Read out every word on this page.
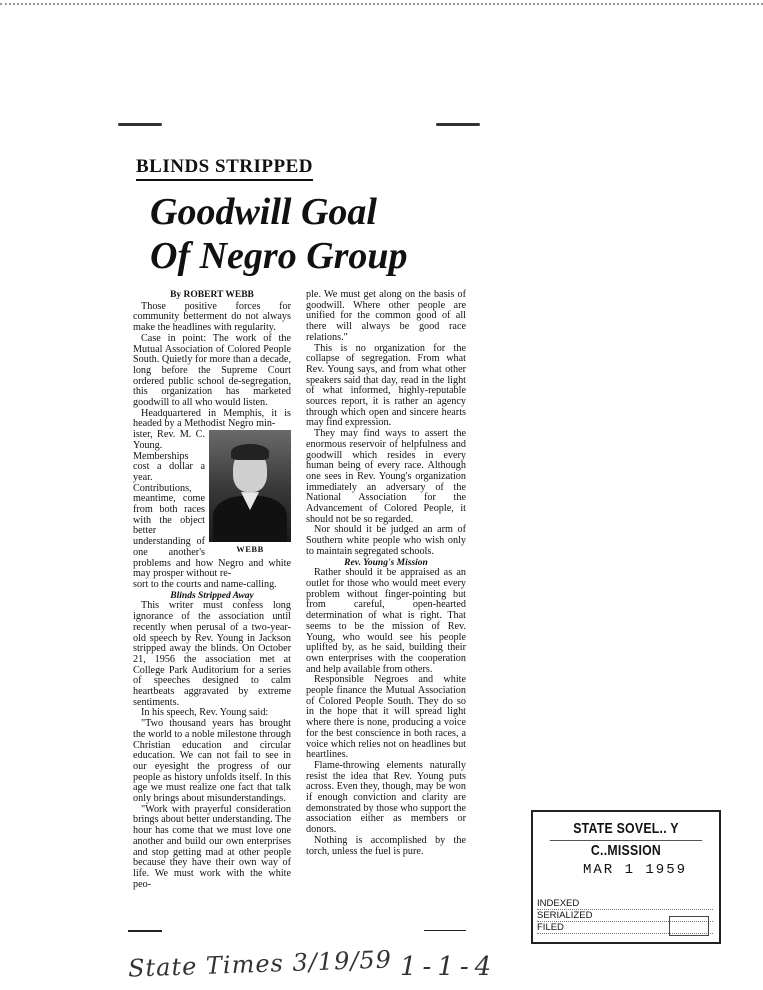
BLINDS STRIPPED
Goodwill Goal
Of Negro Group

By ROBERT WEBB

Those positive forces for community betterment do not always make the headlines with regularity.

Case in point: The work of the Mutual Association of Colored People South. Quietly for more than a decade, long before the Supreme Court ordered public school de-segregation, this organization has marketed goodwill to all who would listen.

Headquartered in Memphis, it is headed by a Methodist Negro min-

WEBB

ister, Rev. M. C. Young. Memberships cost a dollar a year. Contributions, meantime, come from both races with the object better understanding of one another's problems and how Negro and white may prosper without re-

sort to the courts and name-calling.

Blinds Stripped Away

This writer must confess long ignorance of the association until recently when perusal of a two-year-old speech by Rev. Young in Jackson stripped away the blinds. On October 21, 1956 the association met at College Park Auditorium for a series of speeches designed to calm heartbeats aggravated by extreme sentiments.

In his speech, Rev. Young said:

"Two thousand years has brought the world to a noble milestone through Christian education and circular education. We can not fail to see in our eyesight the progress of our people as history unfolds itself. In this age we must realize one fact that talk only brings about misunderstandings.

"Work with prayerful consideration brings about better understanding. The hour has come that we must love one another and build our own enterprises and stop getting mad at other people because they have their own way of life. We must work with the white peo-

ple. We must get along on the basis of goodwill. Where other people are unified for the common good of all there will always be good race relations."

This is no organization for the collapse of segregation. From what Rev. Young says, and from what other speakers said that day, read in the light of what informed, highly-reputable sources report, it is rather an agency through which open and sincere hearts may find expression.

They may find ways to assert the enormous reservoir of helpfulness and goodwill which resides in every human being of every race. Although one sees in Rev. Young's organization immediately an adversary of the National Association for the Advancement of Colored People, it should not be so regarded.

Nor should it be judged an arm of Southern white people who wish only to maintain segregated schools.

Rev. Young's Mission

Rather should it be appraised as an outlet for those who would meet every problem without finger-pointing but from careful, open-hearted determination of what is right. That seems to be the mission of Rev. Young, who would see his people uplifted by, as he said, building their own enterprises with the cooperation and help available from others.

Responsible Negroes and white people finance the Mutual Association of Colored People South. They do so in the hope that it will spread light where there is none, producing a voice for the best conscience in both races, a voice which relies not on headlines but heartlines.

Flame-throwing elements naturally resist the idea that Rev. Young puts across. Even they, though, may be won if enough conviction and clarity are demonstrated by those who support the association either as members or donors.

Nothing is accomplished by the torch, unless the fuel is pure.

STATE SOVEL.. Y C..MISSION
MAR 1 1959
INDEXED
SERIALIZED
FILED
State Times 3/19/59 1-1-4
